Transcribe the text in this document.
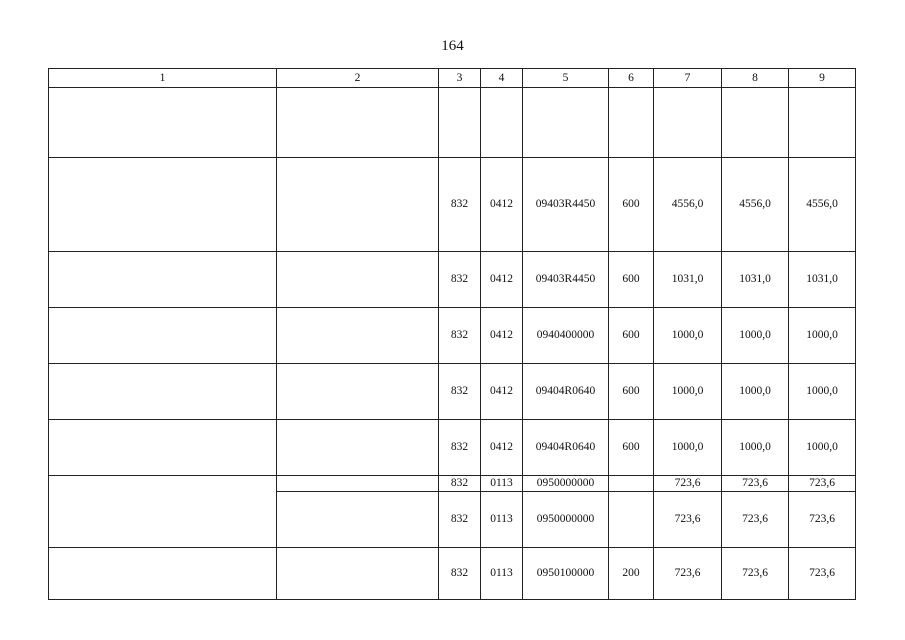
164
1	2	3	4	5	6	7	8	9

		832	0412	09403R4450	600	4556,0	4556,0	4556,0
		832	0412	09403R4450	600	1031,0	1031,0	1031,0
		832	0412	0940400000	600	1000,0	1000,0	1000,0
		832	0412	09404R0640	600	1000,0	1000,0	1000,0
		832	0412	09404R0640	600	1000,0	1000,0	1000,0
		832	0113	0950000000		723,6	723,6	723,6
		832	0113	0950000000		723,6	723,6	723,6
		832	0113	0950100000	200	723,6	723,6	723,6
